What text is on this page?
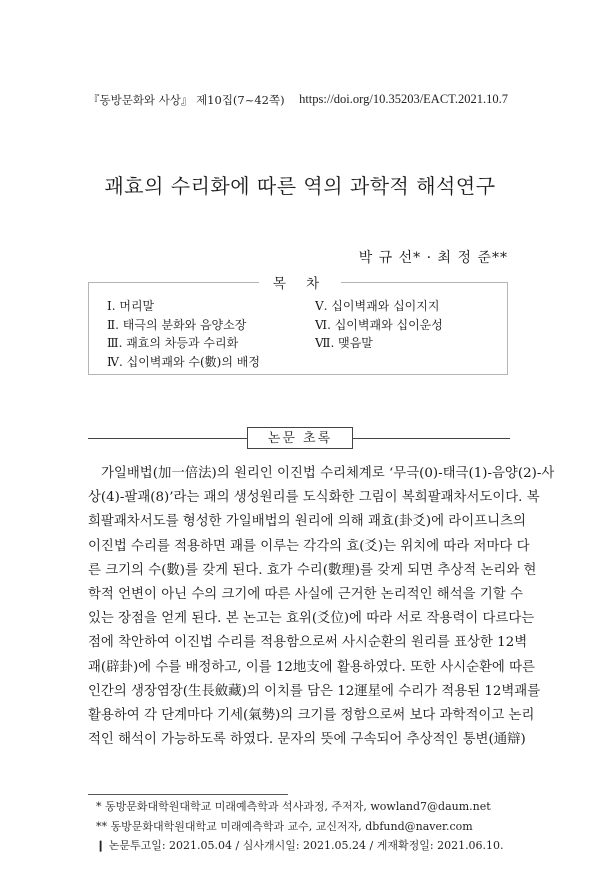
『동방문화와 사상』 제10집(7~42쪽) https://doi.org/10.35203/EACT.2021.10.7
괘효의 수리화에 따른 역의 과학적 해석연구
박 규 선* · 최 정 준**
목 차
Ⅰ. 머리말
Ⅱ. 태극의 분화와 음양소장
Ⅲ. 괘효의 차등과 수리화
Ⅳ. 십이벽괘와 수(數)의 배정
Ⅴ. 십이벽괘와 십이지지
Ⅵ. 십이벽괘와 십이운성
Ⅶ. 맺음말
논문 초록
가일배법(加一倍法)의 원리인 이진법 수리체계로 ‘무극(0)-태극(1)-음양(2)-사
상(4)-팔괘(8)’라는 괘의 생성원리를 도식화한 그림이 복희팔괘차서도이다. 복
희팔괘차서도를 형성한 가일배법의 원리에 의해 괘효(卦爻)에 라이프니츠의
이진법 수리를 적용하면 괘를 이루는 각각의 효(爻)는 위치에 따라 저마다 다
른 크기의 수(數)를 갖게 된다. 효가 수리(數理)를 갖게 되면 추상적 논리와 현
학적 언변이 아닌 수의 크기에 따른 사실에 근거한 논리적인 해석을 기할 수
있는 장점을 얻게 된다. 본 논고는 효위(爻位)에 따라 서로 작용력이 다르다는
점에 착안하여 이진법 수리를 적용함으로써 사시순환의 원리를 표상한 12벽
괘(辟卦)에 수를 배정하고, 이를 12地支에 활용하였다. 또한 사시순환에 따른
인간의 생장염장(生長斂藏)의 이치를 담은 12運星에 수리가 적용된 12벽괘를
활용하여 각 단계마다 기세(氣勢)의 크기를 정함으로써 보다 과학적이고 논리
적인 해석이 가능하도록 하였다. 문자의 뜻에 구속되어 추상적인 통변(通辯)
* 동방문화대학원대학교 미래예측학과 석사과정, 주저자, wowland7@daum.net
** 동방문화대학원대학교 미래예측학과 교수, 교신저자, dbfund@naver.com
❙ 논문투고일: 2021.05.04 / 심사개시일: 2021.05.24 / 게재확정일: 2021.06.10.
